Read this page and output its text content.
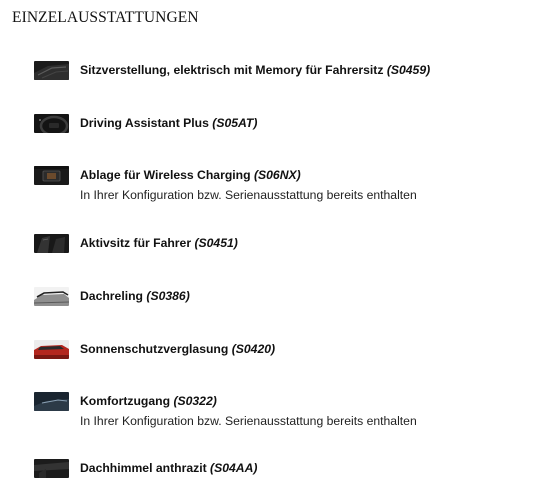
EINZELAUSSTATTUNGEN
Sitzverstellung, elektrisch mit Memory für Fahrersitz (S0459)
Driving Assistant Plus (S05AT)
Ablage für Wireless Charging (S06NX)
In Ihrer Konfiguration bzw. Serienausstattung bereits enthalten
Aktivsitz für Fahrer (S0451)
Dachreling (S0386)
Sonnenschutzverglasung (S0420)
Komfortzugang (S0322)
In Ihrer Konfiguration bzw. Serienausstattung bereits enthalten
Dachhimmel anthrazit (S04AA)
